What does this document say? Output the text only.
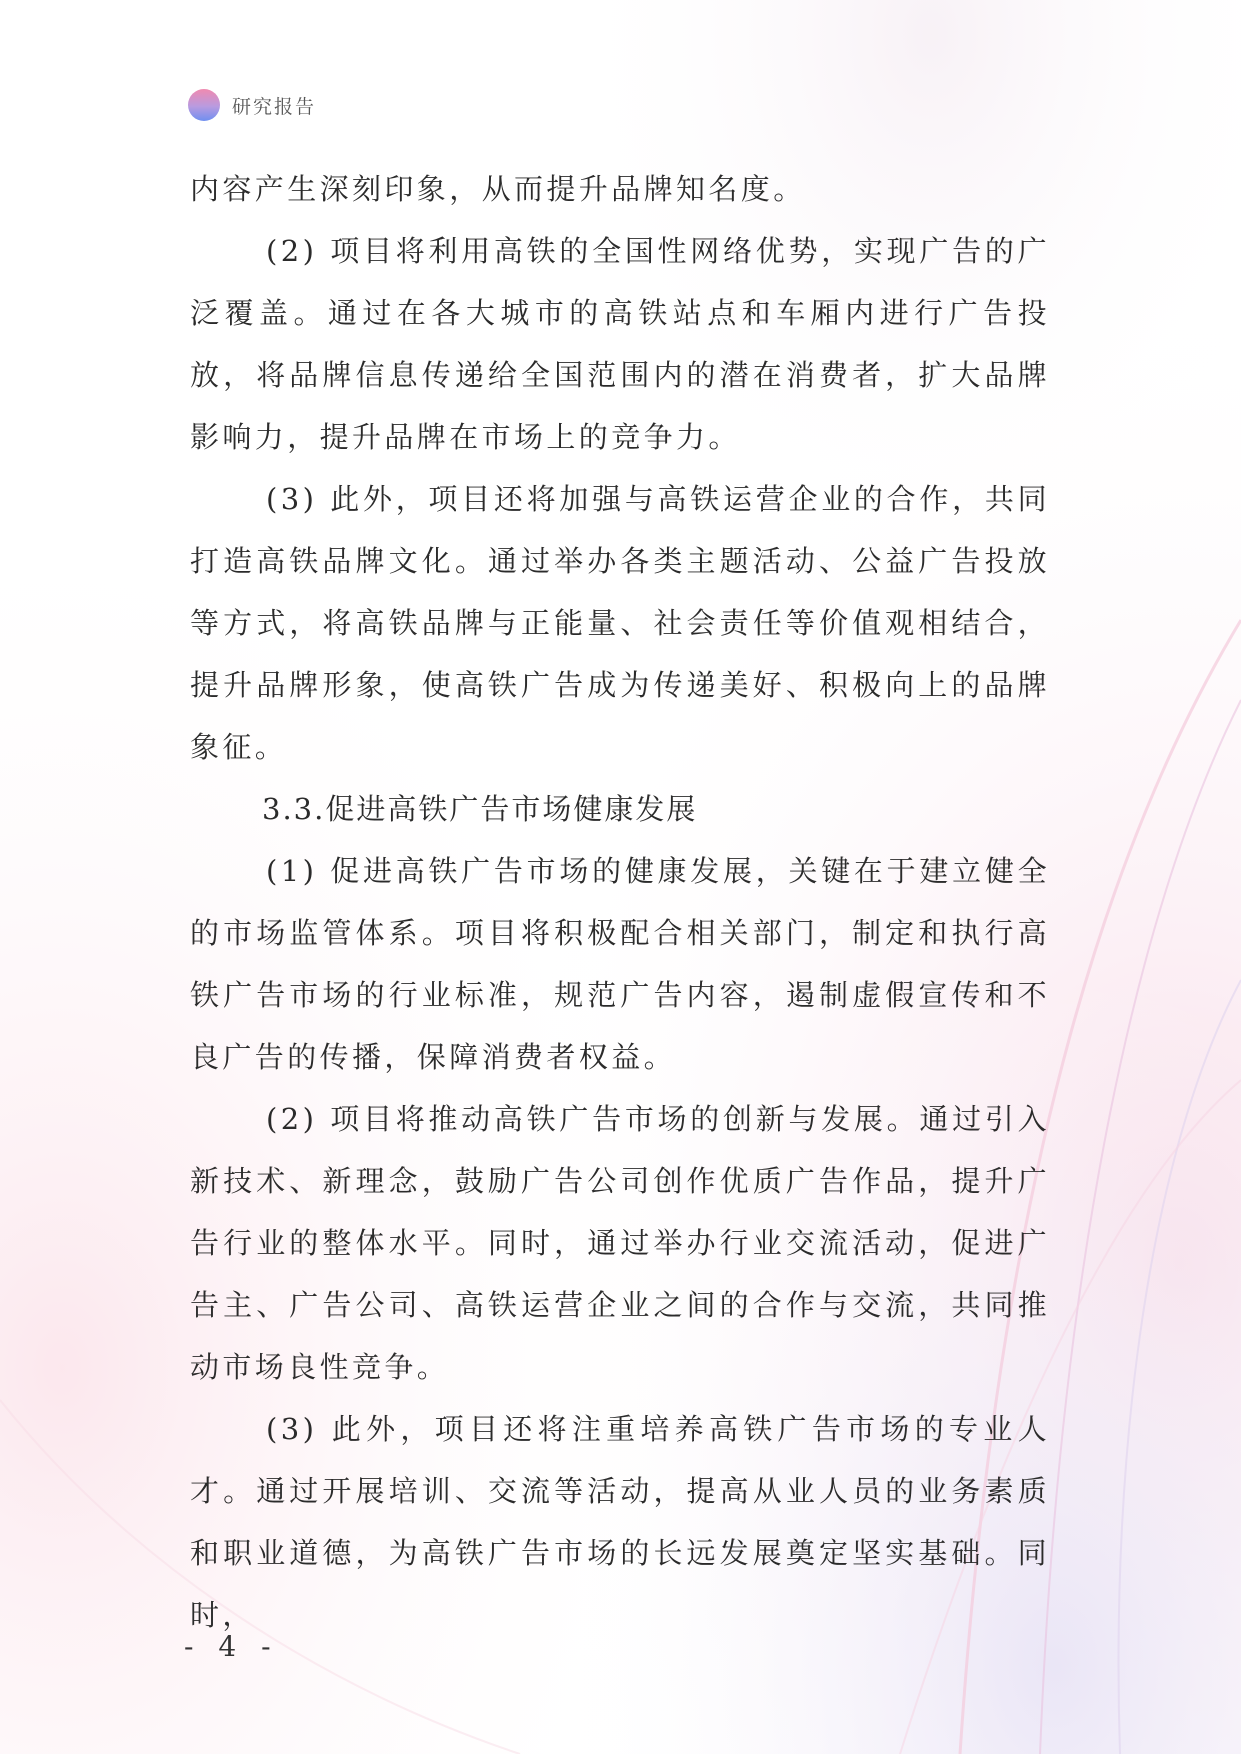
研究报告

内容产生深刻印象，从而提升品牌知名度。

(2) 项目将利用高铁的全国性网络优势，实现广告的广泛覆盖。通过在各大城市的高铁站点和车厢内进行广告投放，将品牌信息传递给全国范围内的潜在消费者，扩大品牌影响力，提升品牌在市场上的竞争力。

(3) 此外，项目还将加强与高铁运营企业的合作，共同打造高铁品牌文化。通过举办各类主题活动、公益广告投放等方式，将高铁品牌与正能量、社会责任等价值观相结合，提升品牌形象，使高铁广告成为传递美好、积极向上的品牌象征。

3.3.促进高铁广告市场健康发展

(1) 促进高铁广告市场的健康发展，关键在于建立健全的市场监管体系。项目将积极配合相关部门，制定和执行高铁广告市场的行业标准，规范广告内容，遏制虚假宣传和不良广告的传播，保障消费者权益。

(2) 项目将推动高铁广告市场的创新与发展。通过引入新技术、新理念，鼓励广告公司创作优质广告作品，提升广告行业的整体水平。同时，通过举办行业交流活动，促进广告主、广告公司、高铁运营企业之间的合作与交流，共同推动市场良性竞争。

(3) 此外，项目还将注重培养高铁广告市场的专业人才。通过开展培训、交流等活动，提高从业人员的业务素质和职业道德，为高铁广告市场的长远发展奠定坚实基础。同时，

- 4 -
